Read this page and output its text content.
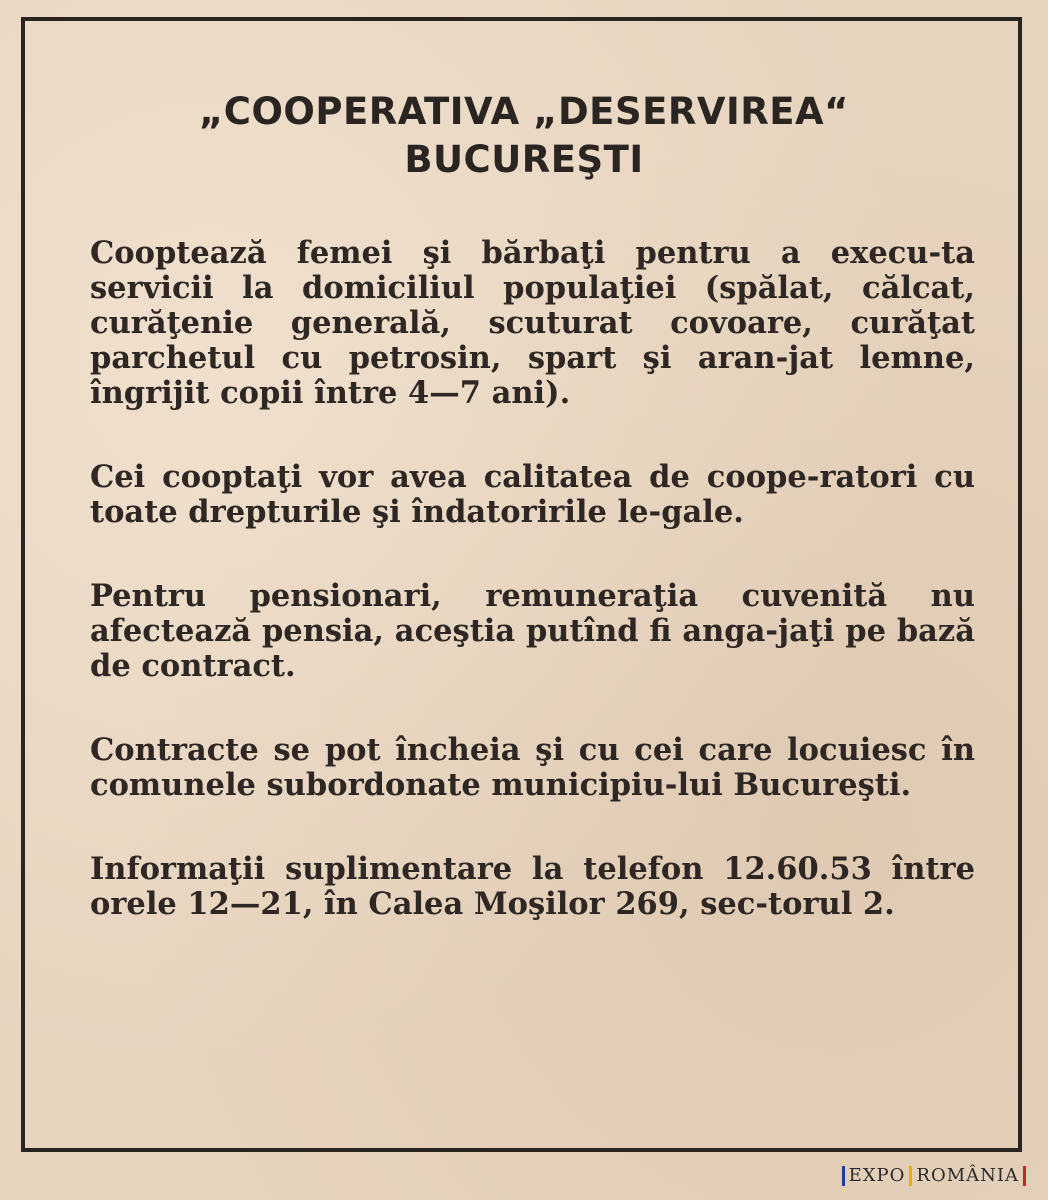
„COOPERATIVA „DESERVIREA“
BUCUREŞTI

Cooptează femei şi bărbaţi pentru a execu-ta servicii la domiciliul populaţiei (spălat, călcat, curăţenie generală, scuturat covoare, curăţat parchetul cu petrosin, spart şi aran-jat lemne, îngrijit copii între 4—7 ani).

Cei cooptaţi vor avea calitatea de coope-ratori cu toate drepturile şi îndatoririle le-gale.

Pentru pensionari, remuneraţia cuvenită nu afectează pensia, aceştia putînd fi anga-jaţi pe bază de contract.

Contracte se pot încheia şi cu cei care locuiesc în comunele subordonate municipiu-lui Bucureşti.

Informaţii suplimentare la telefon 12.60.53 între orele 12—21, în Calea Moşilor 269, sec-torul 2.

EXPO ROMÂNIA
